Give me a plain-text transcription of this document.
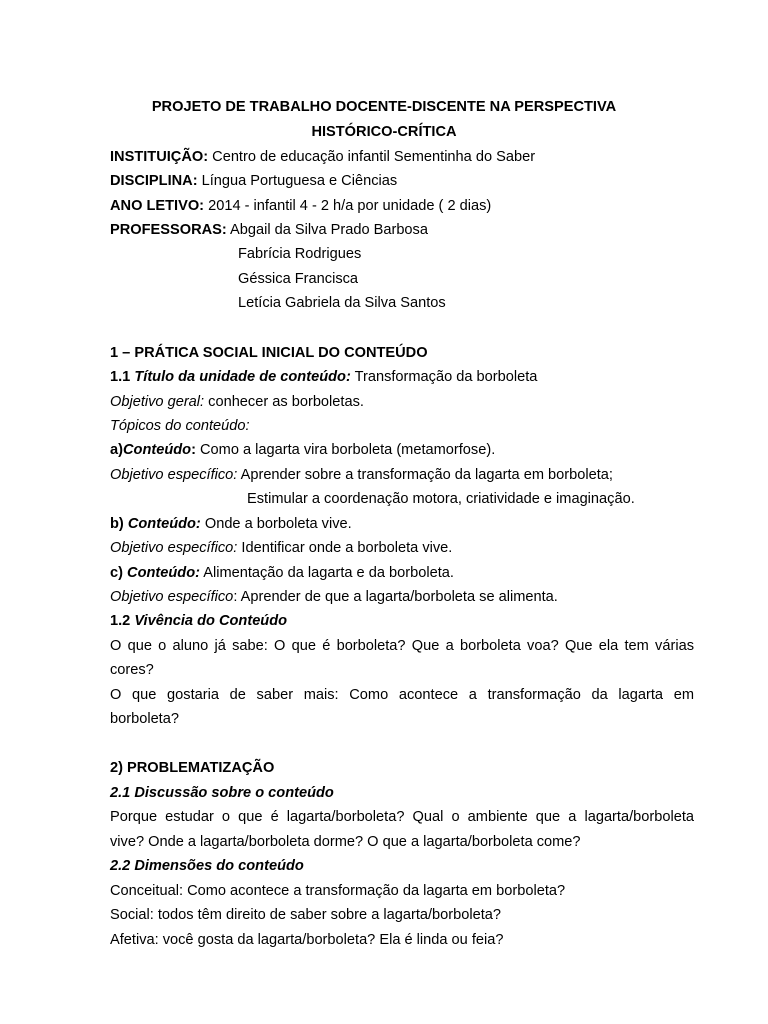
PROJETO DE TRABALHO DOCENTE-DISCENTE NA PERSPECTIVA
HISTÓRICO-CRÍTICA
INSTITUIÇÃO: Centro de educação infantil Sementinha do Saber
DISCIPLINA: Língua Portuguesa e Ciências
ANO LETIVO: 2014 - infantil 4 - 2 h/a por unidade ( 2 dias)
PROFESSORAS: Abgail da Silva Prado Barbosa
Fabrícia Rodrigues
Géssica Francisca
Letícia Gabriela da Silva Santos
1 – PRÁTICA SOCIAL INICIAL DO CONTEÚDO
1.1 Título da unidade de conteúdo: Transformação da borboleta
Objetivo geral: conhecer as borboletas.
Tópicos do conteúdo:
a)Conteúdo: Como a lagarta vira borboleta (metamorfose).
Objetivo específico: Aprender sobre a transformação da lagarta em borboleta;
Estimular a coordenação motora, criatividade e imaginação.
b) Conteúdo: Onde a borboleta vive.
Objetivo específico: Identificar onde a borboleta vive.
c) Conteúdo: Alimentação da lagarta e da borboleta.
Objetivo específico: Aprender de que a lagarta/borboleta se alimenta.
1.2 Vivência do Conteúdo
O que o aluno já sabe: O que é borboleta? Que a borboleta voa? Que ela tem várias
cores?
O que gostaria de saber mais: Como acontece a transformação da lagarta em
borboleta?
2) PROBLEMATIZAÇÃO
2.1 Discussão sobre o conteúdo
Porque estudar o que é lagarta/borboleta? Qual o ambiente que a lagarta/borboleta
vive? Onde a lagarta/borboleta dorme? O que a lagarta/borboleta come?
2.2 Dimensões do conteúdo
Conceitual: Como acontece a transformação da lagarta em borboleta?
Social: todos têm direito de saber sobre a lagarta/borboleta?
Afetiva: você gosta da lagarta/borboleta? Ela é linda ou feia?
